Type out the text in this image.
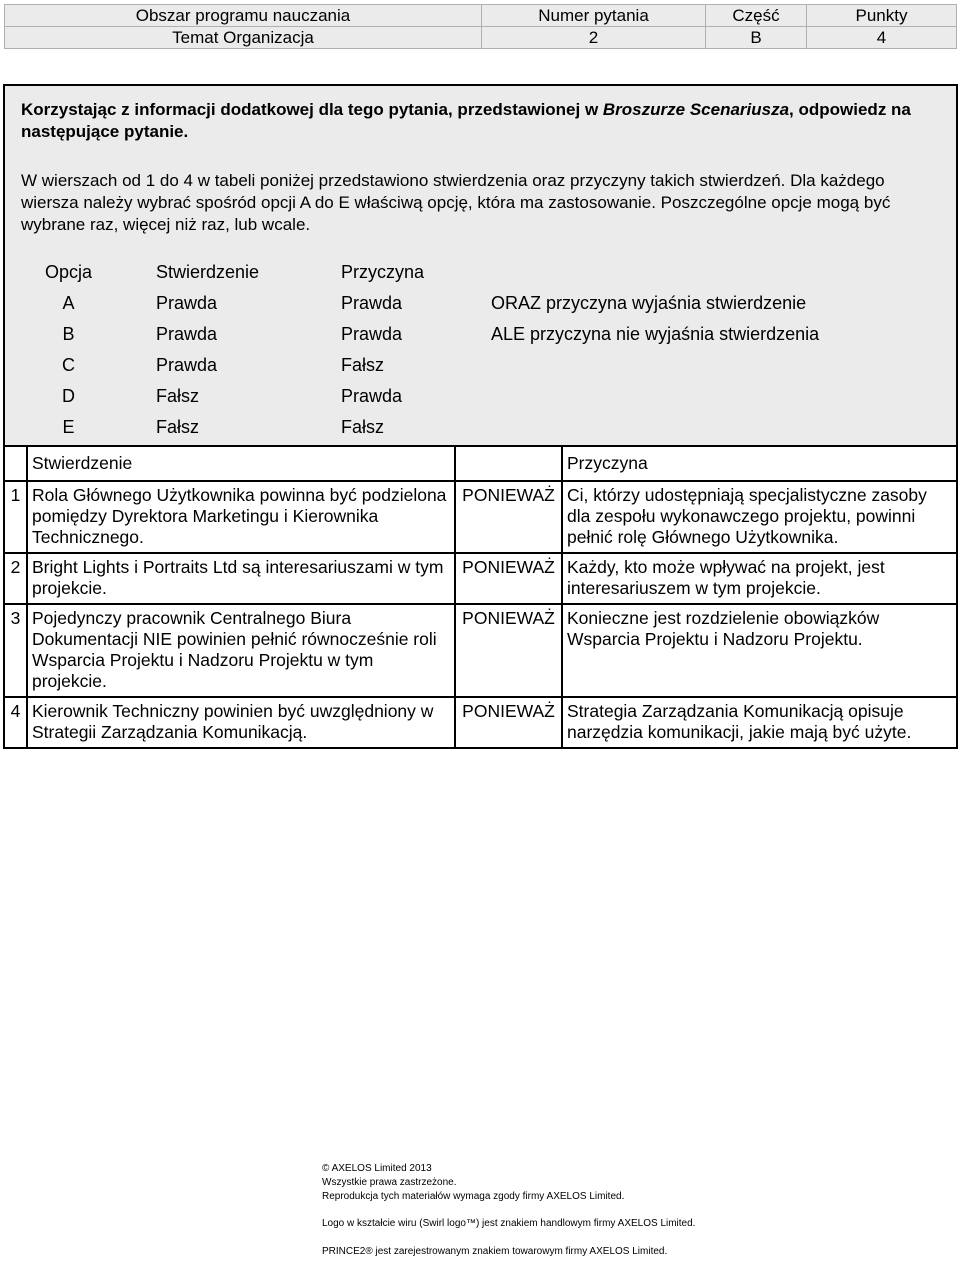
Obszar programu nauczania	Numer pytania	Część	Punkty
Temat Organizacja	2	B	4
Korzystając z informacji dodatkowej dla tego pytania, przedstawionej w Broszurze Scenariusza, odpowiedz na następujące pytanie.
W wierszach od 1 do 4 w tabeli poniżej przedstawiono stwierdzenia oraz przyczyny takich stwierdzeń. Dla każdego wiersza należy wybrać spośród opcji A do E właściwą opcję, która ma zastosowanie. Poszczególne opcje mogą być wybrane raz, więcej niż raz, lub wcale.
Opcja	Stwierdzenie	Przyczyna
A	Prawda	Prawda	ORAZ przyczyna wyjaśnia stwierdzenie
B	Prawda	Prawda	ALE przyczyna nie wyjaśnia stwierdzenia
C	Prawda	Fałsz
D	Fałsz	Prawda
E	Fałsz	Fałsz
	Stwierdzenie		Przyczyna
1	Rola Głównego Użytkownika powinna być podzielona pomiędzy Dyrektora Marketingu i Kierownika Technicznego.	PONIEWAŻ	Ci, którzy udostępniają specjalistyczne zasoby dla zespołu wykonawczego projektu, powinni pełnić rolę Głównego Użytkownika.
2	Bright Lights i Portraits Ltd są interesariuszami w tym projekcie.	PONIEWAŻ	Każdy, kto może wpływać na projekt, jest interesariuszem w tym projekcie.
3	Pojedynczy pracownik Centralnego Biura Dokumentacji NIE powinien pełnić równocześnie roli Wsparcia Projektu i Nadzoru Projektu w tym projekcie.	PONIEWAŻ	Konieczne jest rozdzielenie obowiązków Wsparcia Projektu i Nadzoru Projektu.
4	Kierownik Techniczny powinien być uwzględniony w Strategii Zarządzania Komunikacją.	PONIEWAŻ	Strategia Zarządzania Komunikacją opisuje narzędzia komunikacji, jakie mają być użyte.
© AXELOS Limited 2013
Wszystkie prawa zastrzeżone.
Reprodukcja tych materiałów wymaga zgody firmy AXELOS Limited.
Logo w kształcie wiru (Swirl logo™) jest znakiem handlowym firmy AXELOS Limited.
PRINCE2® jest zarejestrowanym znakiem towarowym firmy AXELOS Limited.
